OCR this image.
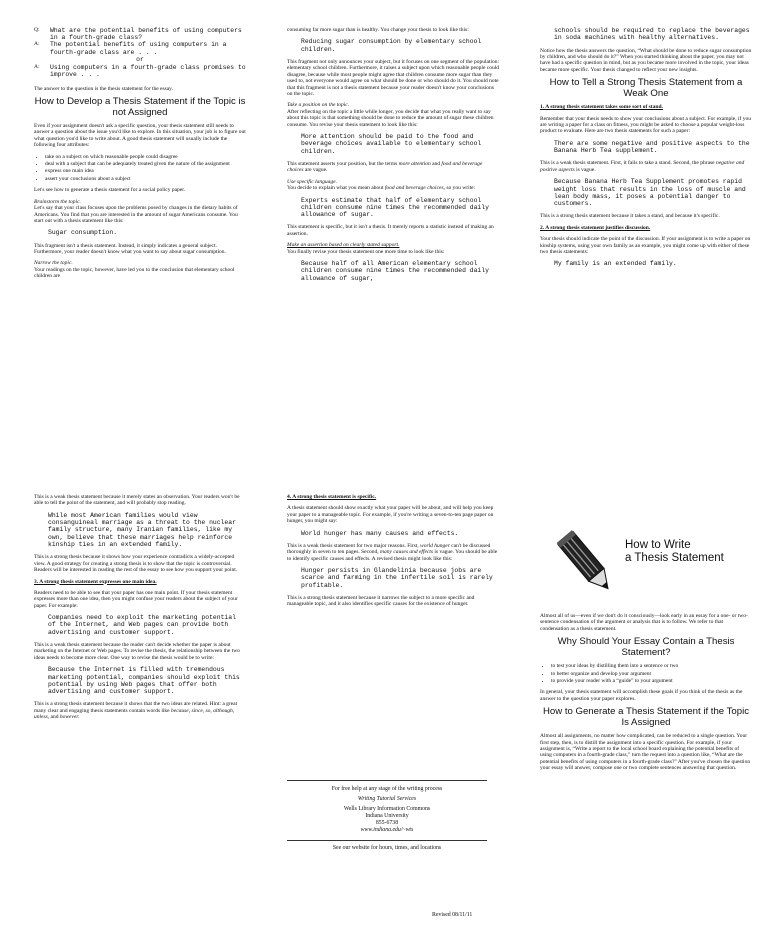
Q:	What are the potential benefits of using computers in a fourth-grade class?
A:	The potential benefits of using computers in a fourth-grade class are . . .
or
A:	Using computers in a fourth-grade class promises to improve . . .

The answer to the question is the thesis statement for the essay.

How to Develop a Thesis Statement if the Topic is not Assigned

Even if your assignment doesn't ask a specific question, your thesis statement still needs to answer a question about the issue you'd like to explore. In this situation, your job is to figure out what question you'd like to write about. A good thesis statement will usually include the following four attributes:

• take on a subject on which reasonable people could disagree
• deal with a subject that can be adequately treated given the nature of the assignment
• express one main idea
• assert your conclusions about a subject

Let's see how to generate a thesis statement for a social policy paper.

Brainstorm the topic.

Let's say that your class focuses upon the problems posed by changes in the dietary habits of Americans. You find that you are interested in the amount of sugar Americans consume. You start out with a thesis statement like this:

Sugar consumption.

This fragment isn't a thesis statement. Instead, it simply indicates a general subject. Furthermore, your reader doesn't know what you want to say about sugar consumption.

Narrow the topic.

Your readings on the topic, however, have led you to the conclusion that elementary school children are

consuming far more sugar than is healthy. You change your thesis to look like this:

Reducing sugar consumption by elementary school children.

This fragment not only announces your subject, but it focuses on one segment of the population: elementary school children. Furthermore, it raises a subject upon which reasonable people could disagree, because while most people might agree that children consume more sugar than they used to, not everyone would agree on what should be done or who should do it. You should note that this fragment is not a thesis statement because your reader doesn't know your conclusions on the topic.

Take a position on the topic.

After reflecting on the topic a little while longer, you decide that what you really want to say about this topic is that something should be done to reduce the amount of sugar these children consume. You revise your thesis statement to look like this:

More attention should be paid to the food and beverage choices available to elementary school children.

This statement asserts your position, but the terms more attention and food and beverage choices are vague.

Use specific language.

You decide to explain what you mean about food and beverage choices, so you write:

Experts estimate that half of elementary school children consume nine times the recommended daily allowance of sugar.

This statement is specific, but it isn't a thesis. It merely reports a statistic instead of making an assertion.

Make an assertion based on clearly stated support.

You finally revise your thesis statement one more time to look like this:

Because half of all American elementary school children consume nine times the recommended daily allowance of sugar,
schools should be required to replace the beverages in soda machines with healthy alternatives.

Notice how the thesis answers the question, “What should be done to reduce sugar consumption by children, and who should do it?” When you started thinking about the paper, you may not have had a specific question in mind, but as you became more involved in the topic, your ideas became more specific. Your thesis changed to reflect your new insights.

How to Tell a Strong Thesis Statement from a Weak One

1. A strong thesis statement takes some sort of stand.

Remember that your thesis needs to show your conclusions about a subject. For example, if you are writing a paper for a class on fitness, you might be asked to choose a popular weight-loss product to evaluate. Here are two thesis statements for such a paper:

There are some negative and positive aspects to the Banana Herb Tea supplement.

This is a weak thesis statement. First, it fails to take a stand. Second, the phrase negative and positive aspects is vague.

Because Banana Herb Tea Supplement promotes rapid weight loss that results in the loss of muscle and lean body mass, it poses a potential danger to customers.

This is a strong thesis statement because it takes a stand, and because it's specific.

2. A strong thesis statement justifies discussion.

Your thesis should indicate the point of the discussion. If your assignment is to write a paper on kinship systems, using your own family as an example, you might come up with either of these two thesis statements:

My family is an extended family.

This is a weak thesis statement because it merely states an observation. Your readers won't be able to tell the point of the statement, and will probably stop reading.

While most American families would view consanguineal marriage as a threat to the nuclear family structure, many Iranian families, like my own, believe that these marriages help reinforce kinship ties in an extended family.

This is a strong thesis because it shows how your experience contradicts a widely-accepted view. A good strategy for creating a strong thesis is to show that the topic is controversial. Readers will be interested in reading the rest of the essay to see how you support your point.

3. A strong thesis statement expresses one main idea.

Readers need to be able to see that your paper has one main point. If your thesis statement expresses more than one idea, then you might confuse your readers about the subject of your paper. For example:

Companies need to exploit the marketing potential of the Internet, and Web pages can provide both advertising and customer support.

This is a weak thesis statement because the reader can't decide whether the paper is about marketing on the Internet or Web pages. To revise the thesis, the relationship between the two ideas needs to become more clear. One way to revise the thesis would be to write:

Because the Internet is filled with tremendous marketing potential, companies should exploit this potential by using Web pages that offer both advertising and customer support.

This is a strong thesis statement because it shows that the two ideas are related. Hint: a great many clear and engaging thesis statements contain words like because, since, so, although, unless, and however.

4. A strong thesis statement is specific.

A thesis statement should show exactly what your paper will be about, and will help you keep your paper to a manageable topic. For example, if you're writing a seven-to-ten page paper on hunger, you might say:

World hunger has many causes and effects.

This is a weak thesis statement for two major reasons. First, world hunger can't be discussed thoroughly in seven to ten pages. Second, many causes and effects is vague. You should be able to identify specific causes and effects. A revised thesis might look like this:

Hunger persists in Glandelinia because jobs are scarce and farming in the infertile soil is rarely profitable.

This is a strong thesis statement because it narrows the subject to a more specific and manageable topic, and it also identifies specific causes for the existence of hunger.

For free help at any stage of the writing process
Writing Tutorial Services
Wells Library Information Commons
Indiana University
855-6738
www.indiana.edu/~wts
See our website for hours, times, and locations
Revised 08/11/11
How to Write
a Thesis Statement

Almost all of us—even if we don't do it consciously—look early in an essay for a one- or two-sentence condensation of the argument or analysis that is to follow. We refer to that condensation as a thesis statement.

Why Should Your Essay Contain a Thesis Statement?
• to test your ideas by distilling them into a sentence or two
• to better organize and develop your argument
• to provide your reader with a “guide” to your argument

In general, your thesis statement will accomplish these goals if you think of the thesis as the answer to the question your paper explores.

How to Generate a Thesis Statement if the Topic Is Assigned

Almost all assignments, no matter how complicated, can be reduced to a single question. Your first step, then, is to distill the assignment into a specific question. For example, if your assignment is, “Write a report to the local school board explaining the potential benefits of using computers in a fourth-grade class,” turn the request into a question like, “What are the potential benefits of using computers in a fourth-grade class?” After you've chosen the question your essay will answer, compose one or two complete sentences answering that question.
